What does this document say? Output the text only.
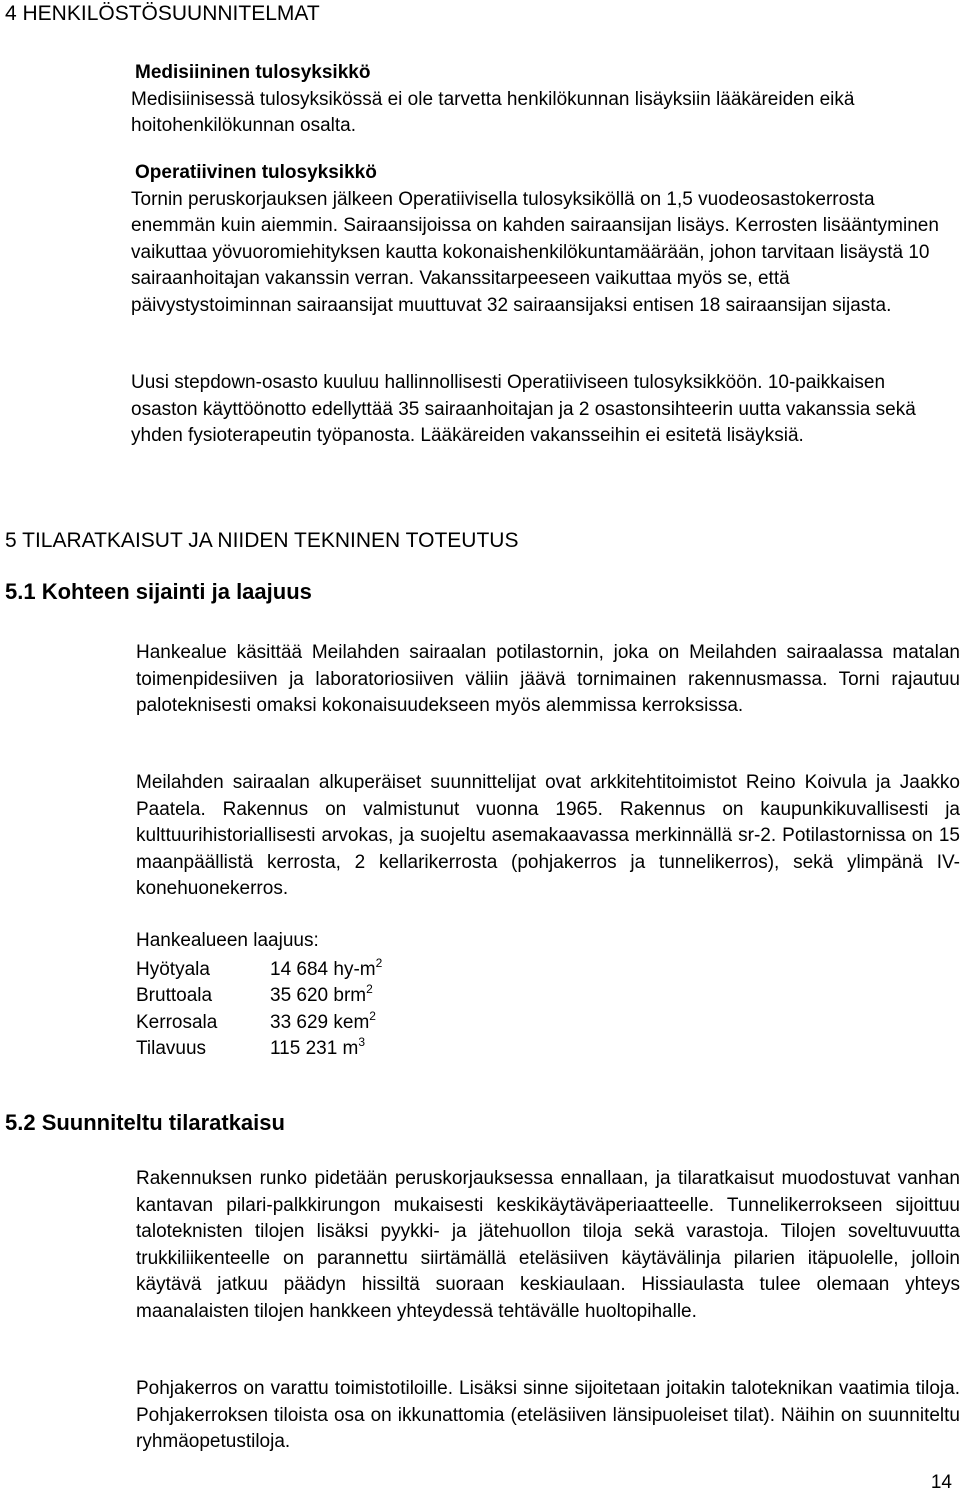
4 HENKILÖSTÖSUUNNITELMAT

Medisiininen tulosyksikkö

Medisiinisessä tulosyksikössä ei ole tarvetta henkilökunnan lisäyksiin lääkäreiden eikä hoitohenkilökunnan osalta.

Operatiivinen tulosyksikkö

Tornin peruskorjauksen jälkeen Operatiivisella tulosyksiköllä on 1,5 vuodeosastokerrosta enemmän kuin aiemmin. Sairaansijoissa on kahden sairaansijan lisäys. Kerrosten lisääntyminen vaikuttaa yövuoromiehityksen kautta kokonaishenkilökuntamäärään, johon tarvitaan lisäystä 10 sairaanhoitajan vakanssin verran. Vakanssitarpeeseen vaikuttaa myös se, että päivystystoiminnan sairaansijat muuttuvat 32 sairaansijaksi entisen 18 sairaansijan sijasta.

Uusi stepdown-osasto kuuluu hallinnollisesti Operatiiviseen tulosyksikköön. 10-paikkaisen osaston käyttöönotto edellyttää 35 sairaanhoitajan ja 2 osastonsihteerin uutta vakanssia sekä yhden fysioterapeutin työpanosta. Lääkäreiden vakansseihin ei esitetä lisäyksiä.
5 TILARATKAISUT JA NIIDEN TEKNINEN TOTEUTUS
5.1 Kohteen sijainti ja laajuus
Hankealue käsittää Meilahden sairaalan potilastornin, joka on Meilahden sairaalassa matalan toimenpidesiiven ja laboratoriosiiven väliin jäävä tornimainen rakennusmassa. Torni rajautuu paloteknisesti omaksi kokonaisuudekseen myös alemmissa kerroksissa.
Meilahden sairaalan alkuperäiset suunnittelijat ovat arkkitehtitoimistot Reino Koivula ja Jaakko Paatela. Rakennus on valmistunut vuonna 1965. Rakennus on kaupunkikuvallisesti ja kulttuurihistoriallisesti arvokas, ja suojeltu asemakaavassa merkinnällä sr-2. Potilastornissa on 15 maanpäällistä kerrosta, 2 kellarikerrosta (pohjakerros ja tunnelikerros), sekä ylimpänä IV-konehuonekerros.
Hankealueen laajuus:
Hyötyala	14 684 $hy-m^2$
Bruttoala	35 620 brm$^2$
Kerrosala	33 629 kem$^2$
Tilavuus	115 231 $m^3$
5.2 Suunniteltu tilaratkaisu
Rakennuksen runko pidetään peruskorjauksessa ennallaan, ja tilaratkaisut muodostuvat vanhan kantavan pilari-palkkirungon mukaisesti keskikäytäväperiaatteelle. Tunnelikerrokseen sijoittuu taloteknisten tilojen lisäksi pyykki- ja jätehuollon tiloja sekä varastoja. Tilojen soveltuvuutta trukkiliikenteelle on parannettu siirtämällä eteläsiiven käytävälinja pilarien itäpuolelle, jolloin käytävä jatkuu päädyn hissiltä suoraan keskiaulaan. Hissiaulasta tulee olemaan yhteys maanalaisten tilojen hankkeen yhteydessä tehtävälle huoltopihalle.
Pohjakerros on varattu toimistotiloille. Lisäksi sinne sijoitetaan joitakin taloteknikan vaatimia tiloja. Pohjakerroksen tiloista osa on ikkunattomia (eteläsiiven länsipuoleiset tilat). Näihin on suunniteltu ryhmäopetustiloja.
14
